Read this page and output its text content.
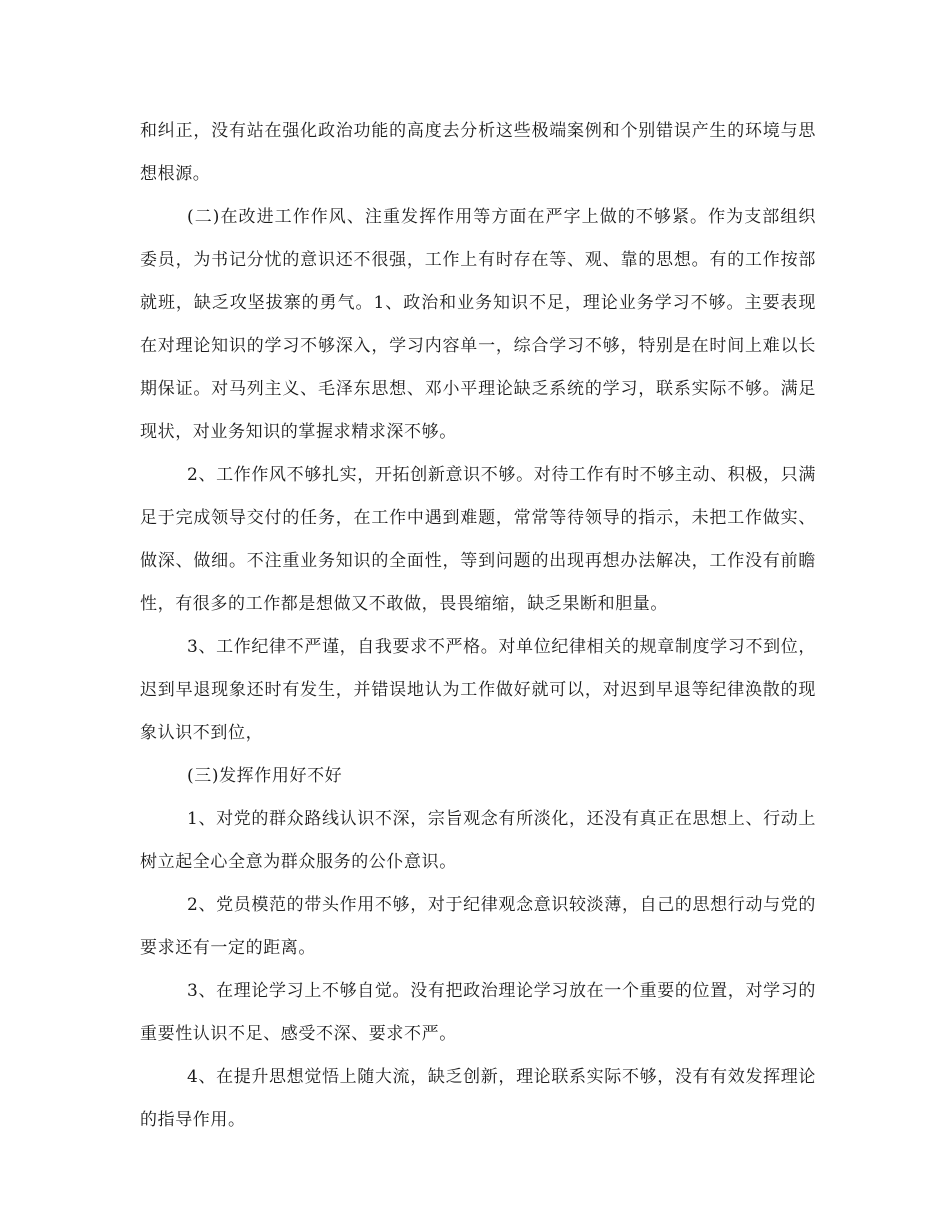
和纠正，没有站在强化政治功能的高度去分析这些极端案例和个别错误产生的环境与思想根源。

(二)在改进工作作风、注重发挥作用等方面在严字上做的不够紧。作为支部组织委员，为书记分忧的意识还不很强，工作上有时存在等、观、靠的思想。有的工作按部就班，缺乏攻坚拔寨的勇气。1、政治和业务知识不足，理论业务学习不够。主要表现在对理论知识的学习不够深入，学习内容单一，综合学习不够，特别是在时间上难以长期保证。对马列主义、毛泽东思想、邓小平理论缺乏系统的学习，联系实际不够。满足现状，对业务知识的掌握求精求深不够。

2、工作作风不够扎实，开拓创新意识不够。对待工作有时不够主动、积极，只满足于完成领导交付的任务，在工作中遇到难题，常常等待领导的指示，未把工作做实、做深、做细。不注重业务知识的全面性，等到问题的出现再想办法解决，工作没有前瞻性，有很多的工作都是想做又不敢做，畏畏缩缩，缺乏果断和胆量。

3、工作纪律不严谨，自我要求不严格。对单位纪律相关的规章制度学习不到位，迟到早退现象还时有发生，并错误地认为工作做好就可以，对迟到早退等纪律涣散的现象认识不到位，

(三)发挥作用好不好

1、对党的群众路线认识不深，宗旨观念有所淡化，还没有真正在思想上、行动上树立起全心全意为群众服务的公仆意识。

2、党员模范的带头作用不够，对于纪律观念意识较淡薄，自己的思想行动与党的要求还有一定的距离。

3、在理论学习上不够自觉。没有把政治理论学习放在一个重要的位置，对学习的重要性认识不足、感受不深、要求不严。

4、在提升思想觉悟上随大流，缺乏创新，理论联系实际不够，没有有效发挥理论的指导作用。
